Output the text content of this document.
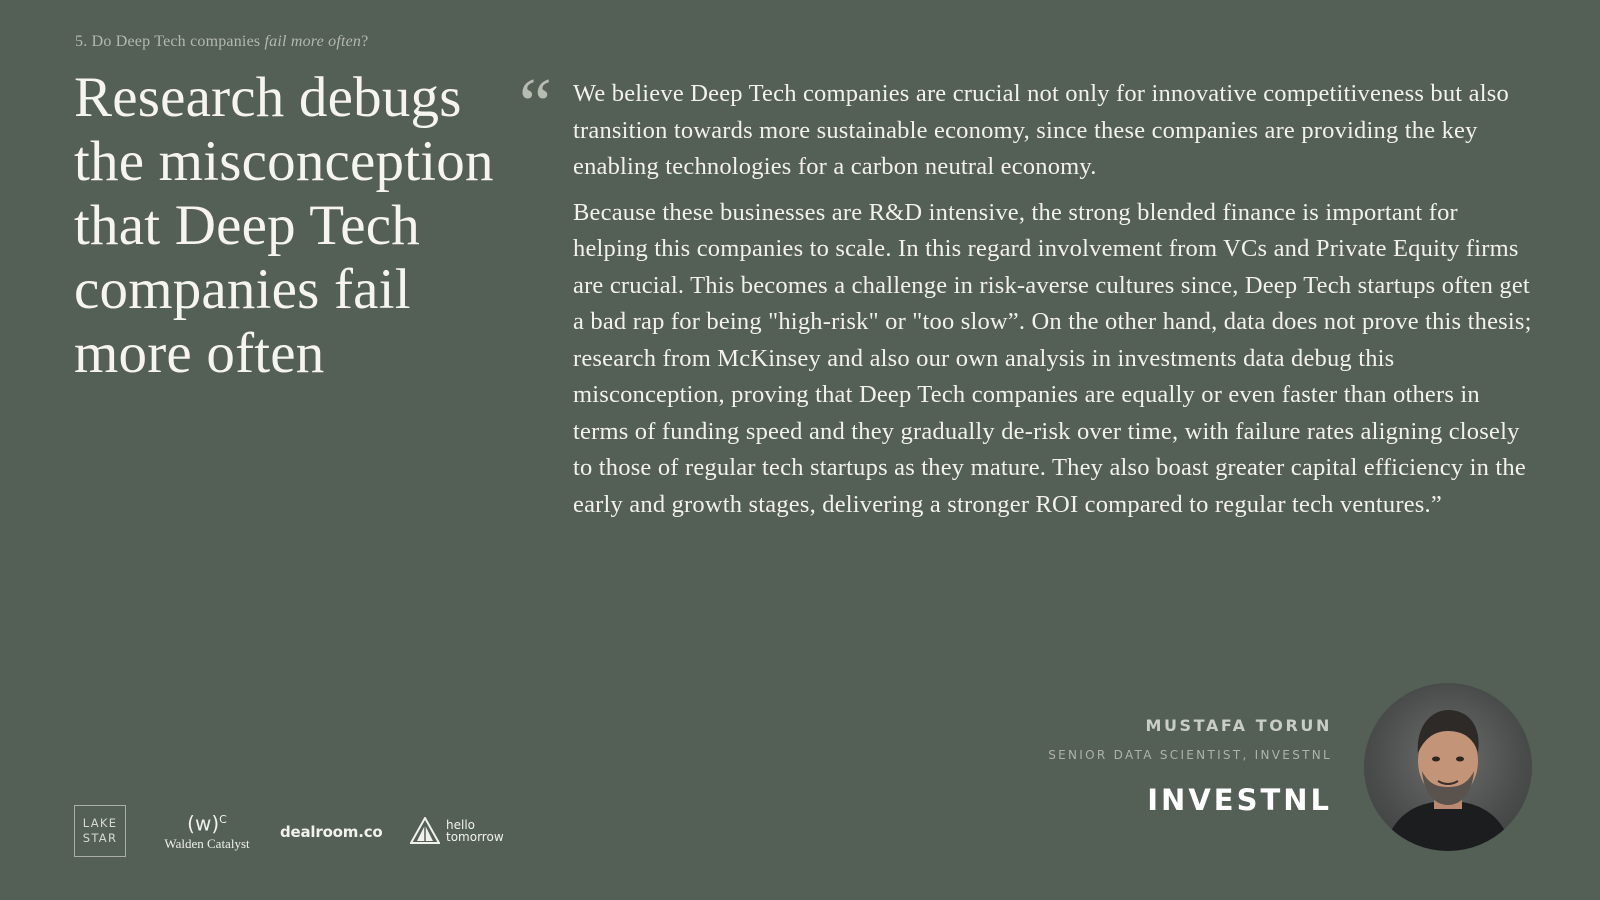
5. Do Deep Tech companies fail more often?
Research debugs the misconception that Deep Tech companies fail more often
“ We believe Deep Tech companies are crucial not only for innovative competitiveness but also transition towards more sustainable economy, since these companies are providing the key enabling technologies for a carbon neutral economy.

Because these businesses are R&D intensive, the strong blended finance is important for helping this companies to scale. In this regard involvement from VCs and Private Equity firms are crucial. This becomes a challenge in risk-averse cultures since, Deep Tech startups often get a bad rap for being "high-risk" or "too slow”. On the other hand, data does not prove this thesis; research from McKinsey and also our own analysis in investments data debug this misconception, proving that Deep Tech companies are equally or even faster than others in terms of funding speed and they gradually de-risk over time, with failure rates aligning closely to those of regular tech startups as they mature. They also boast greater capital efficiency in the early and growth stages, delivering a stronger ROI compared to regular tech ventures.”

MUSTAFA TORUN
SENIOR DATA SCIENTIST, INVESTNL
INVESTNL
LAKE
STAR
$(w)^C$
Walden Catalyst
dealroom.co	hello
tomorrow
